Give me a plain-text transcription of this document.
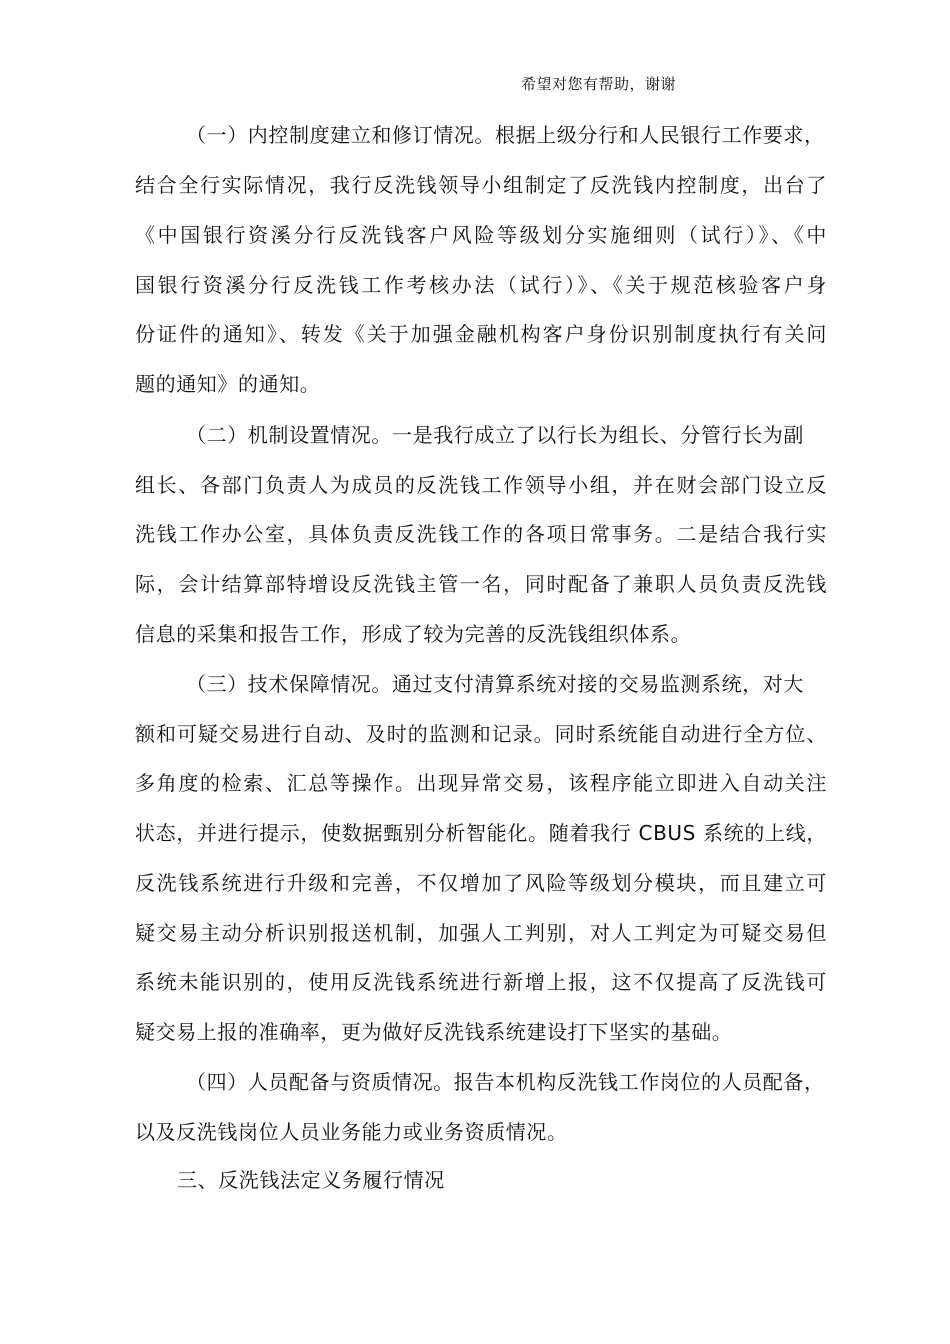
希望对您有帮助，谢谢
（一）内控制度建立和修订情况。根据上级分行和人民银行工作要求，
结合全行实际情况，我行反洗钱领导小组制定了反洗钱内控制度，出台了
《中国银行资溪分行反洗钱客户风险等级划分实施细则（试行）》、《中
国银行资溪分行反洗钱工作考核办法（试行）》、《关于规范核验客户身
份证件的通知》、转发《关于加强金融机构客户身份识别制度执行有关问
题的通知》的通知。
（二）机制设置情况。一是我行成立了以行长为组长、分管行长为副
组长、各部门负责人为成员的反洗钱工作领导小组，并在财会部门设立反
洗钱工作办公室，具体负责反洗钱工作的各项日常事务。二是结合我行实
际，会计结算部特增设反洗钱主管一名，同时配备了兼职人员负责反洗钱
信息的采集和报告工作，形成了较为完善的反洗钱组织体系。
（三）技术保障情况。通过支付清算系统对接的交易监测系统，对大
额和可疑交易进行自动、及时的监测和记录。同时系统能自动进行全方位、
多角度的检索、汇总等操作。出现异常交易，该程序能立即进入自动关注
状态，并进行提示，使数据甄别分析智能化。随着我行 CBUS 系统的上线，
反洗钱系统进行升级和完善，不仅增加了风险等级划分模块，而且建立可
疑交易主动分析识别报送机制，加强人工判别，对人工判定为可疑交易但
系统未能识别的，使用反洗钱系统进行新增上报，这不仅提高了反洗钱可
疑交易上报的准确率，更为做好反洗钱系统建设打下坚实的基础。
（四）人员配备与资质情况。报告本机构反洗钱工作岗位的人员配备，
以及反洗钱岗位人员业务能力或业务资质情况。
三、反洗钱法定义务履行情况
